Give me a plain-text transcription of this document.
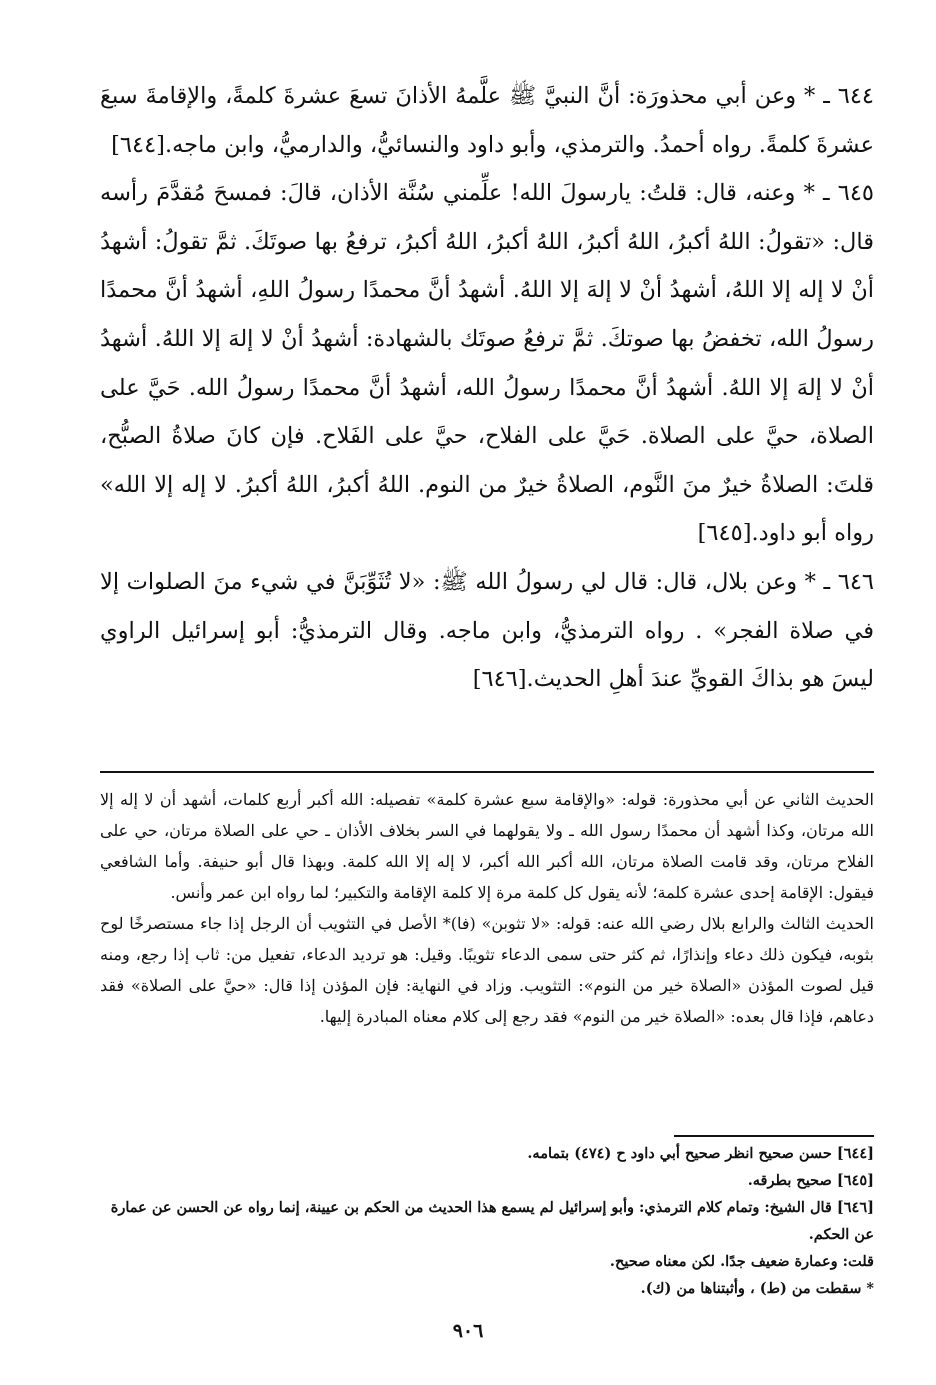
٦٤٤ ـ * وعن أبي محذورَة: أنَّ النبيَّ ﷺ علَّمهُ الأذانَ تسعَ عشرةَ كلمةً، والإقامةَ سبعَ عشرةَ كلمةً. رواه أحمدُ. والترمذي، وأبو داود والنسائيُّ، والدارميُّ، وابن ماجه.[٦٤٤]

٦٤٥ ـ * وعنه، قال: قلتُ: يارسولَ الله! علِّمني سُنَّة الأذان، قالَ: فمسحَ مُقدَّمَ رأسه قال: «تقولُ: اللهُ أكبرُ، اللهُ أكبرُ، اللهُ أكبرُ، اللهُ أكبرُ، ترفعُ بها صوتَكَ. ثمَّ تقولُ: أشهدُ أنْ لا إله إلا اللهُ، أشهدُ أنْ لا إلهَ إلا اللهُ. أشهدُ أنَّ محمدًا رسولُ اللهِ، أشهدُ أنَّ محمدًا رسولُ الله، تخفضُ بها صوتكَ. ثمَّ ترفعُ صوتَك بالشهادة: أشهدُ أنْ لا إلهَ إلا اللهُ. أشهدُ أنْ لا إلهَ إلا اللهُ. أشهدُ أنَّ محمدًا رسولُ الله، أشهدُ أنَّ محمدًا رسولُ الله. حَيَّ على الصلاة، حيَّ على الصلاة. حَيَّ على الفلاح، حيَّ على الفَلاح. فإن كانَ صلاةُ الصبُّح، قلتَ: الصلاةُ خيرٌ منَ النَّوم، الصلاةُ خيرٌ من النوم. اللهُ أكبرُ، اللهُ أكبرُ. لا إله إلا الله» رواه أبو داود.[٦٤٥]

٦٤٦ ـ * وعن بلال، قال: قال لي رسولُ الله ﷺ: «لا تُثَوِّبَنَّ في شيء منَ الصلوات إلا في صلاة الفجر» . رواه الترمذيُّ، وابن ماجه. وقال الترمذيُّ: أبو إسرائيل الراوي ليسَ هو بذاكَ القويِّ عندَ أهلِ الحديث.[٦٤٦]

الحديث الثاني عن أبي محذورة: قوله: «والإقامة سبع عشرة كلمة» تفصيله: الله أكبر أربع كلمات، أشهد أن لا إله إلا الله مرتان، وكذا أشهد أن محمدًا رسول الله ـ ولا يقولهما في السر بخلاف الأذان ـ حي على الصلاة مرتان، حي على الفلاح مرتان، وقد قامت الصلاة مرتان، الله أكبر الله أكبر، لا إله إلا الله كلمة. وبهذا قال أبو حنيفة. وأما الشافعي فيقول: الإقامة إحدى عشرة كلمة؛ لأنه يقول كل كلمة مرة إلا كلمة الإقامة والتكبير؛ لما رواه ابن عمر وأنس.

الحديث الثالث والرابع بلال رضي الله عنه: قوله: «لا تثوبن» (فا)* الأصل في التثويب أن الرجل إذا جاء مستصرخًا لوح بثوبه، فيكون ذلك دعاء وإنذارًا، ثم كثر حتى سمى الدعاء تثويبًا. وقيل: هو ترديد الدعاء، تفعيل من: ثاب إذا رجع، ومنه قيل لصوت المؤذن «الصلاة خير من النوم»: التثويب. وزاد في النهاية: فإن المؤذن إذا قال: «حيَّ على الصلاة» فقد دعاهم، فإذا قال بعده: «الصلاة خير من النوم» فقد رجع إلى كلام معناه المبادرة إليها.

[٦٤٤] حسن صحيح انظر صحيح أبي داود ح (٤٧٤) بتمامه.

[٦٤٥] صحيح بطرقه.

[٦٤٦] قال الشيخ: وتمام كلام الترمذي: وأبو إسرائيل لم يسمع هذا الحديث من الحكم بن عيينة، إنما رواه عن الحسن عن عمارة عن الحكم.

قلت: وعمارة ضعيف جدًا. لكن معناه صحيح.

* سقطت من (ط) ، وأثبتناها من (ك).

٩٠٦
